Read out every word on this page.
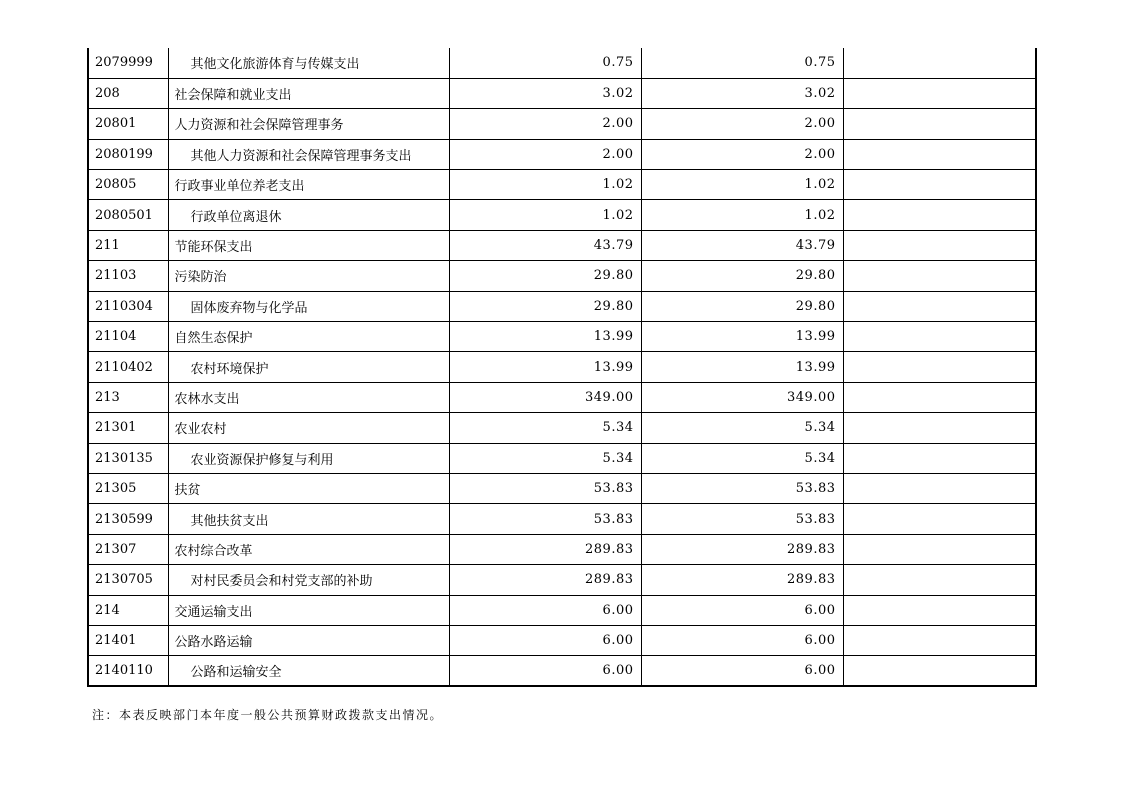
2079999	其他文化旅游体育与传媒支出	0.75	0.75	
208	社会保障和就业支出	3.02	3.02	
20801	人力资源和社会保障管理事务	2.00	2.00	
2080199	其他人力资源和社会保障管理事务支出	2.00	2.00	
20805	行政事业单位养老支出	1.02	1.02	
2080501	行政单位离退休	1.02	1.02	
211	节能环保支出	43.79	43.79	
21103	污染防治	29.80	29.80	
2110304	固体废弃物与化学品	29.80	29.80	
21104	自然生态保护	13.99	13.99	
2110402	农村环境保护	13.99	13.99	
213	农林水支出	349.00	349.00	
21301	农业农村	5.34	5.34	
2130135	农业资源保护修复与利用	5.34	5.34	
21305	扶贫	53.83	53.83	
2130599	其他扶贫支出	53.83	53.83	
21307	农村综合改革	289.83	289.83	
2130705	对村民委员会和村党支部的补助	289.83	289.83	
214	交通运输支出	6.00	6.00	
21401	公路水路运输	6.00	6.00	
2140110	公路和运输安全	6.00	6.00	
注：本表反映部门本年度一般公共预算财政拨款支出情况。
